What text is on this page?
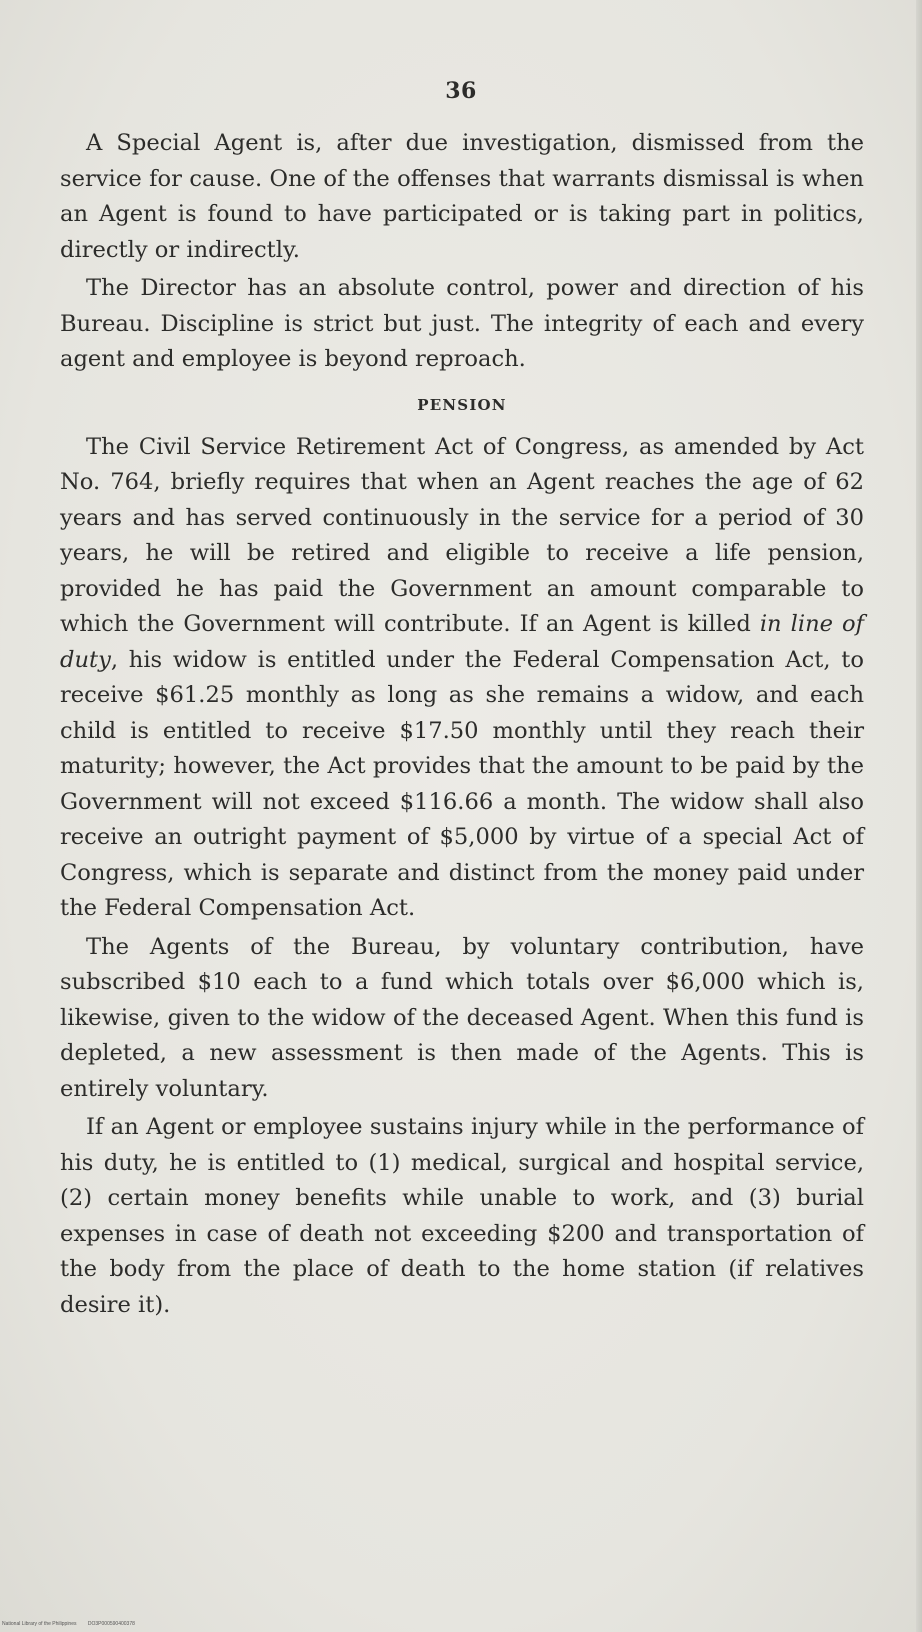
36

A Special Agent is, after due investigation, dismissed from the service for cause. One of the offenses that warrants dismissal is when an Agent is found to have participated or is taking part in politics, directly or indirectly.

The Director has an absolute control, power and direction of his Bureau. Discipline is strict but just. The integrity of each and every agent and employee is beyond reproach.

PENSION

The Civil Service Retirement Act of Congress, as amended by Act No. 764, briefly requires that when an Agent reaches the age of 62 years and has served continuously in the service for a period of 30 years, he will be retired and eligible to receive a life pension, provided he has paid the Government an amount comparable to which the Government will contribute. If an Agent is killed in line of duty, his widow is entitled under the Federal Compensation Act, to receive $61.25 monthly as long as she remains a widow, and each child is entitled to receive $17.50 monthly until they reach their maturity; however, the Act provides that the amount to be paid by the Government will not exceed $116.66 a month. The widow shall also receive an outright payment of $5,000 by virtue of a special Act of Congress, which is separate and distinct from the money paid under the Federal Compensation Act.

The Agents of the Bureau, by voluntary contribution, have subscribed $10 each to a fund which totals over $6,000 which is, likewise, given to the widow of the deceased Agent. When this fund is depleted, a new assessment is then made of the Agents. This is entirely voluntary.

If an Agent or employee sustains injury while in the performance of his duty, he is entitled to (1) medical, surgical and hospital service, (2) certain money benefits while unable to work, and (3) burial expenses in case of death not exceeding $200 and transportation of the body from the place of death to the home station (if relatives desire it).

National Library of the Philippines DO3P000590400378
